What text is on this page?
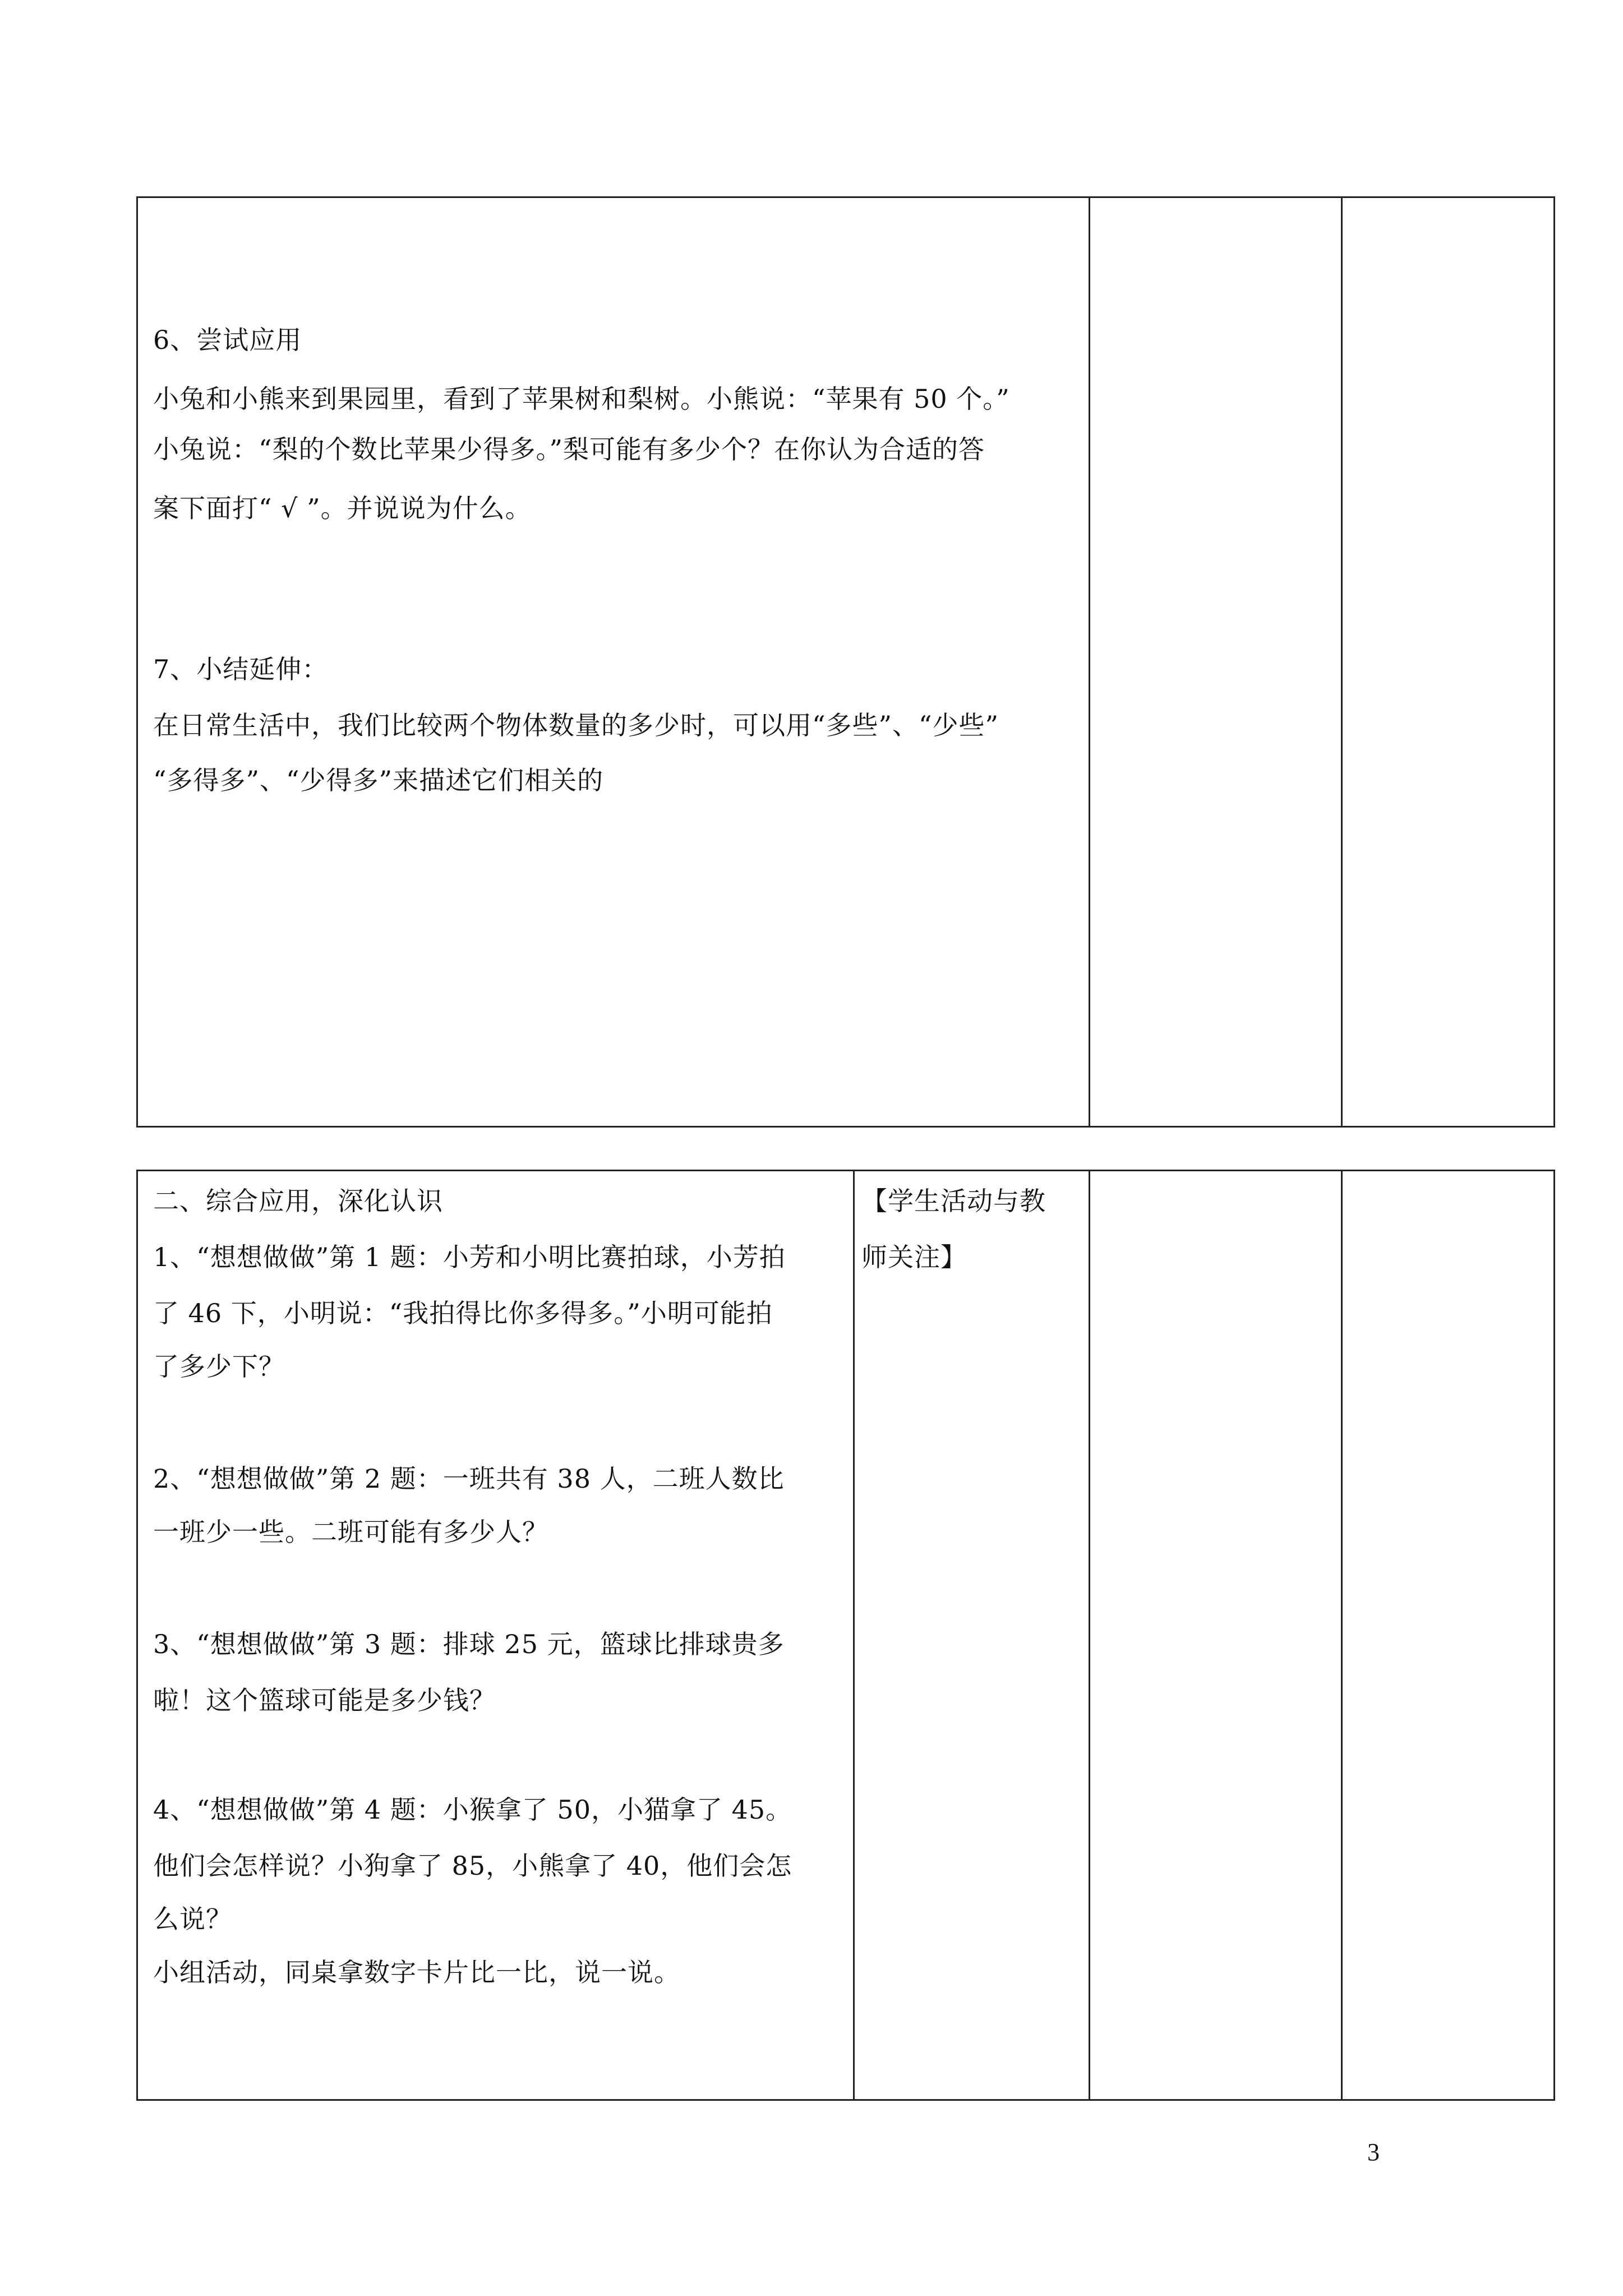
6、尝试应用
小兔和小熊来到果园里，看到了苹果树和梨树。小熊说：“苹果有 50 个。”
小兔说：“梨的个数比苹果少得多。”梨可能有多少个？在你认为合适的答
案下面打“ √ ”。并说说为什么。
7、小结延伸：
在日常生活中，我们比较两个物体数量的多少时，可以用“多些”、“少些”
“多得多”、“少得多”来描述它们相关的
二、综合应用，深化认识
1、“想想做做”第 1 题：小芳和小明比赛拍球，小芳拍
了 46 下，小明说：“我拍得比你多得多。”小明可能拍
了多少下？
2、“想想做做”第 2 题：一班共有 38 人，二班人数比
一班少一些。二班可能有多少人？
3、“想想做做”第 3 题：排球 25 元，篮球比排球贵多
啦！这个篮球可能是多少钱？
4、“想想做做”第 4 题：小猴拿了 50，小猫拿了 45。
他们会怎样说？小狗拿了 85，小熊拿了 40，他们会怎
么说？
小组活动，同桌拿数字卡片比一比，说一说。
【学生活动与教
师关注】
3
